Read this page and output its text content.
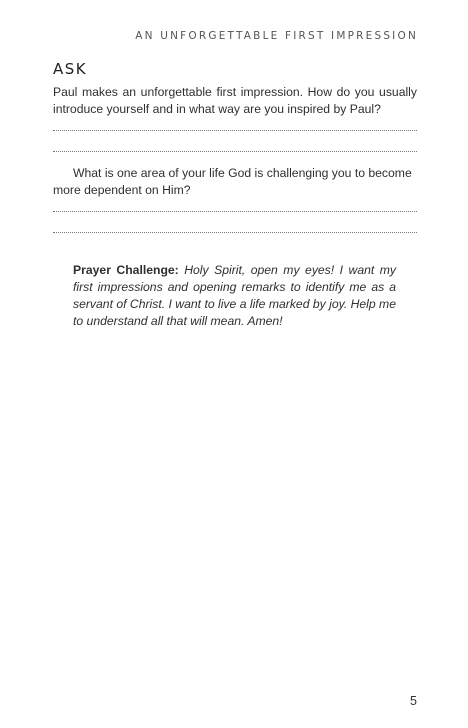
AN UNFORGETTABLE FIRST IMPRESSION
ASK
Paul makes an unforgettable first impression. How do you usually introduce yourself and in what way are you inspired by Paul?
What is one area of your life God is challenging you to become more dependent on Him?
Prayer Challenge: Holy Spirit, open my eyes! I want my first impressions and opening remarks to identify me as a servant of Christ. I want to live a life marked by joy. Help me to understand all that will mean. Amen!
5
